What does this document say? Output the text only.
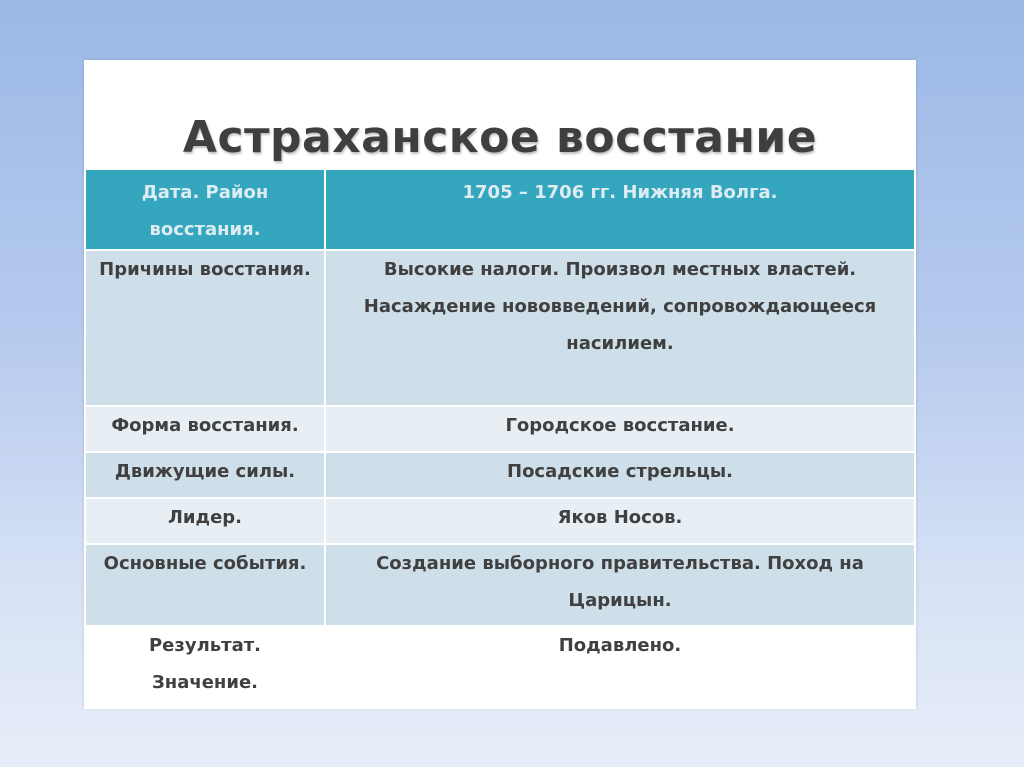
Астраханское восстание
Дата. Район восстания.	1705 – 1706 гг. Нижняя Волга.
Причины восстания.	Высокие налоги. Произвол местных властей. Насаждение нововведений, сопровождающееся насилием.
Форма восстания.	Городское восстание.
Движущие силы.	Посадские стрельцы.
Лидер.	Яков Носов.
Основные события.	Создание выборного правительства. Поход на Царицын.
Результат. Значение.	Подавлено.
